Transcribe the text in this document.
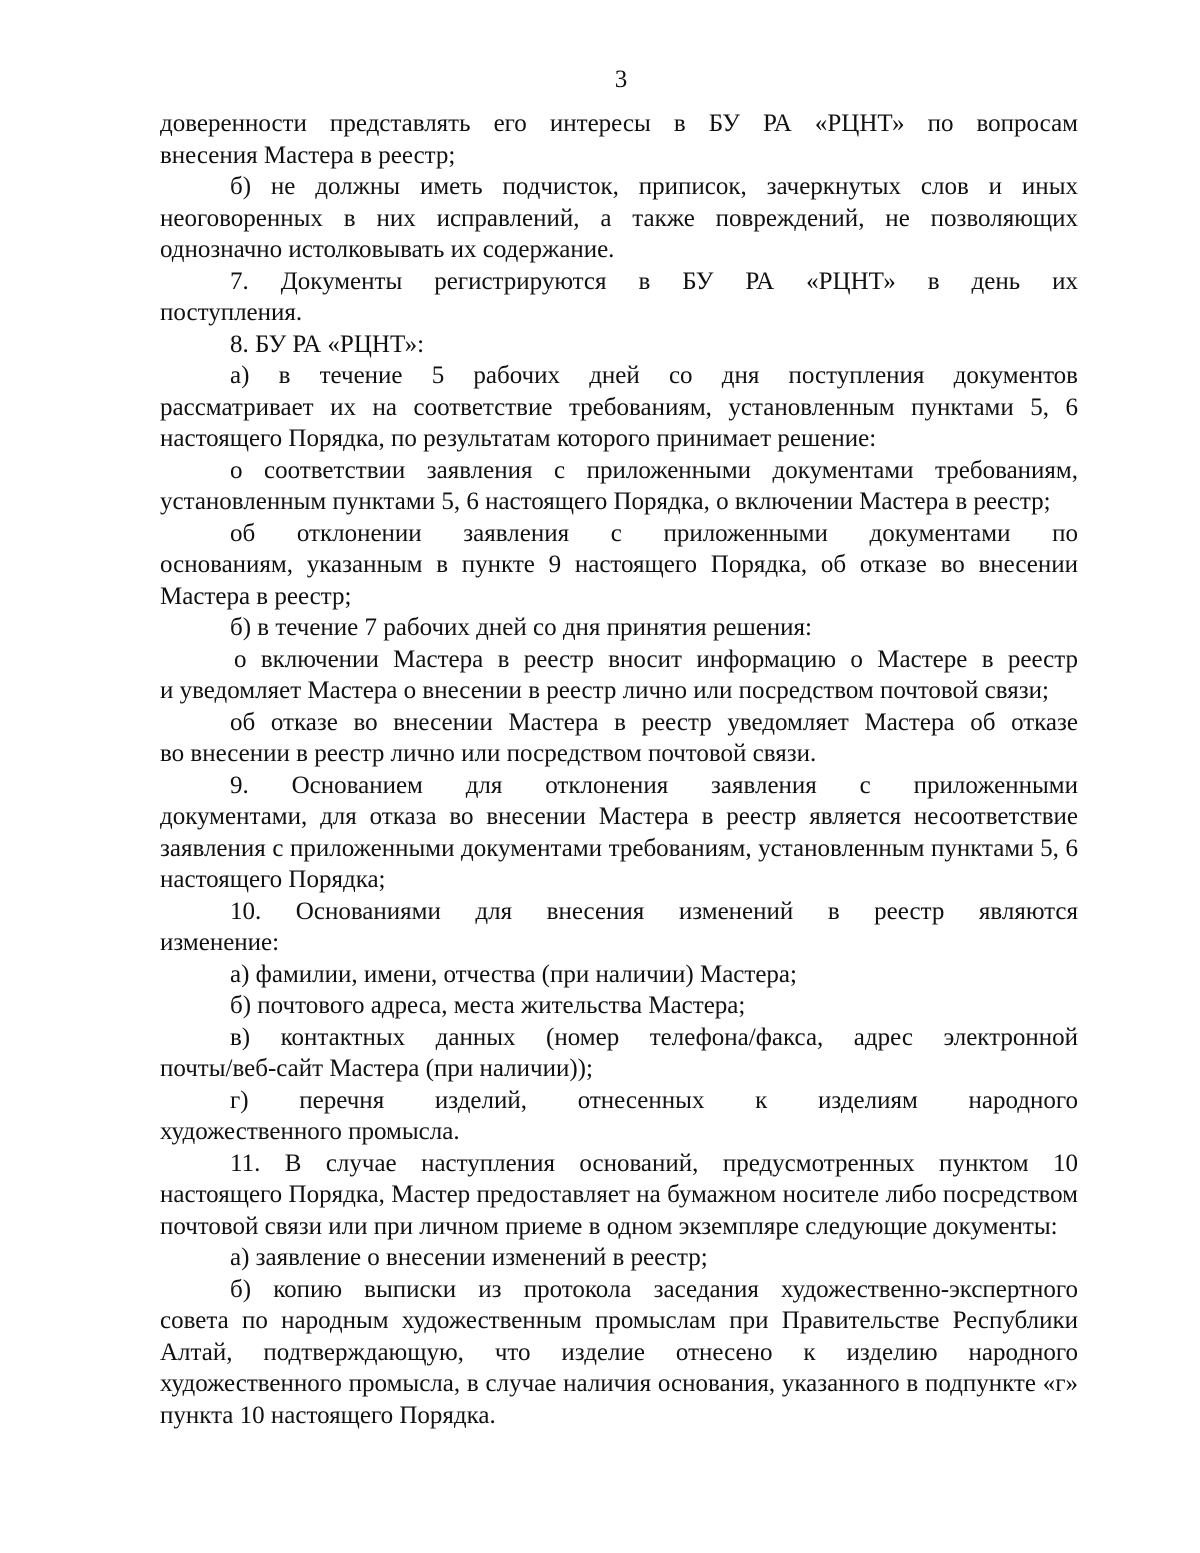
3
доверенности представлять его интересы в БУ РА «РЦНТ» по вопросам
внесения Мастера в реестр;
б) не должны иметь подчисток, приписок, зачеркнутых слов и иных
неоговоренных в них исправлений, а также повреждений, не позволяющих однозначно истолковывать их содержание.
7. Документы регистрируются в БУ РА «РЦНТ» в день их
поступления.
8. БУ РА «РЦНТ»:
а) в течение 5 рабочих дней со дня поступления документов
рассматривает их на соответствие требованиям, установленным пунктами 5, 6 настоящего Порядка, по результатам которого принимает решение:
о соответствии заявления с приложенными документами требованиям,
установленным пунктами 5, 6 настоящего Порядка, о включении Мастера в реестр;
об отклонении заявления с приложенными документами по
основаниям, указанным в пункте 9 настоящего Порядка, об отказе во внесении Мастера в реестр;
б) в течение 7 рабочих дней со дня принятия решения:
о включении Мастера в реестр вносит информацию о Мастере в реестр
и уведомляет Мастера о внесении в реестр лично или посредством почтовой связи;
об отказе во внесении Мастера в реестр уведомляет Мастера об отказе
во внесении в реестр лично или посредством почтовой связи.
9. Основанием для отклонения заявления с приложенными
документами, для отказа во внесении Мастера в реестр является несоответствие заявления с приложенными документами требованиям, установленным пунктами 5, 6 настоящего Порядка;
10. Основаниями для внесения изменений в реестр являются
изменение:
а) фамилии, имени, отчества (при наличии) Мастера;
б) почтового адреса, места жительства Мастера;
в) контактных данных (номер телефона/факса, адрес электронной
почты/веб-сайт Мастера (при наличии));
г) перечня изделий, отнесенных к изделиям народного
художественного промысла.
11. В случае наступления оснований, предусмотренных пунктом 10
настоящего Порядка, Мастер предоставляет на бумажном носителе либо посредством почтовой связи или при личном приеме в одном экземпляре следующие документы:
а) заявление о внесении изменений в реестр;
б) копию выписки из протокола заседания художественно-экспертного
совета по народным художественным промыслам при Правительстве Республики Алтай, подтверждающую, что изделие отнесено к изделию народного художественного промысла, в случае наличия основания, указанного в подпункте «г» пункта 10 настоящего Порядка.
